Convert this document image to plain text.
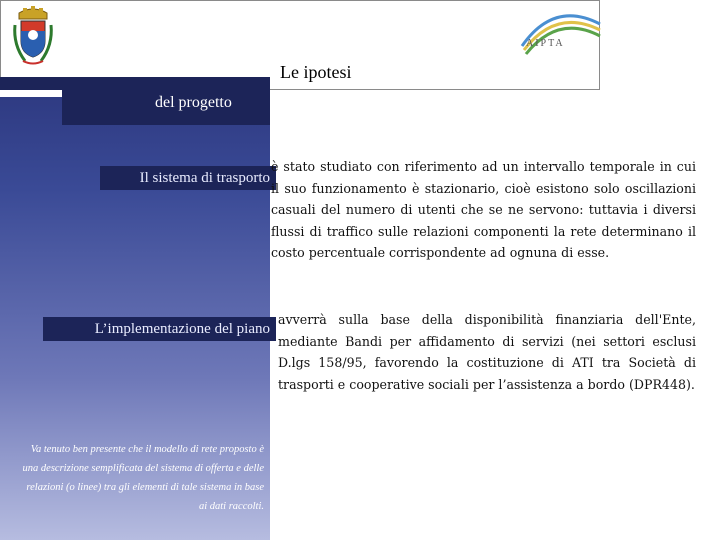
AIPTA
Le ipotesi
del progetto
Il sistema di trasporto
è stato studiato con riferimento ad un intervallo temporale in cui il suo funzionamento è stazionario, cioè esistono solo oscillazioni casuali del numero di utenti che se ne servono: tuttavia i diversi flussi di traffico sulle relazioni componenti la rete determinano il costo percentuale corrispondente ad ognuna di esse.
L’implementazione del piano
avverrà sulla base della disponibilità finanziaria dell'Ente, mediante Bandi per affidamento di servizi (nei settori esclusi D.lgs 158/95, favorendo la costituzione di ATI tra Società di trasporti e cooperative sociali per l’assistenza a bordo (DPR448).
Va tenuto ben presente che il modello di rete proposto è una descrizione semplificata del sistema di offerta e delle relazioni (o linee) tra gli elementi di tale sistema in base ai dati raccolti.
